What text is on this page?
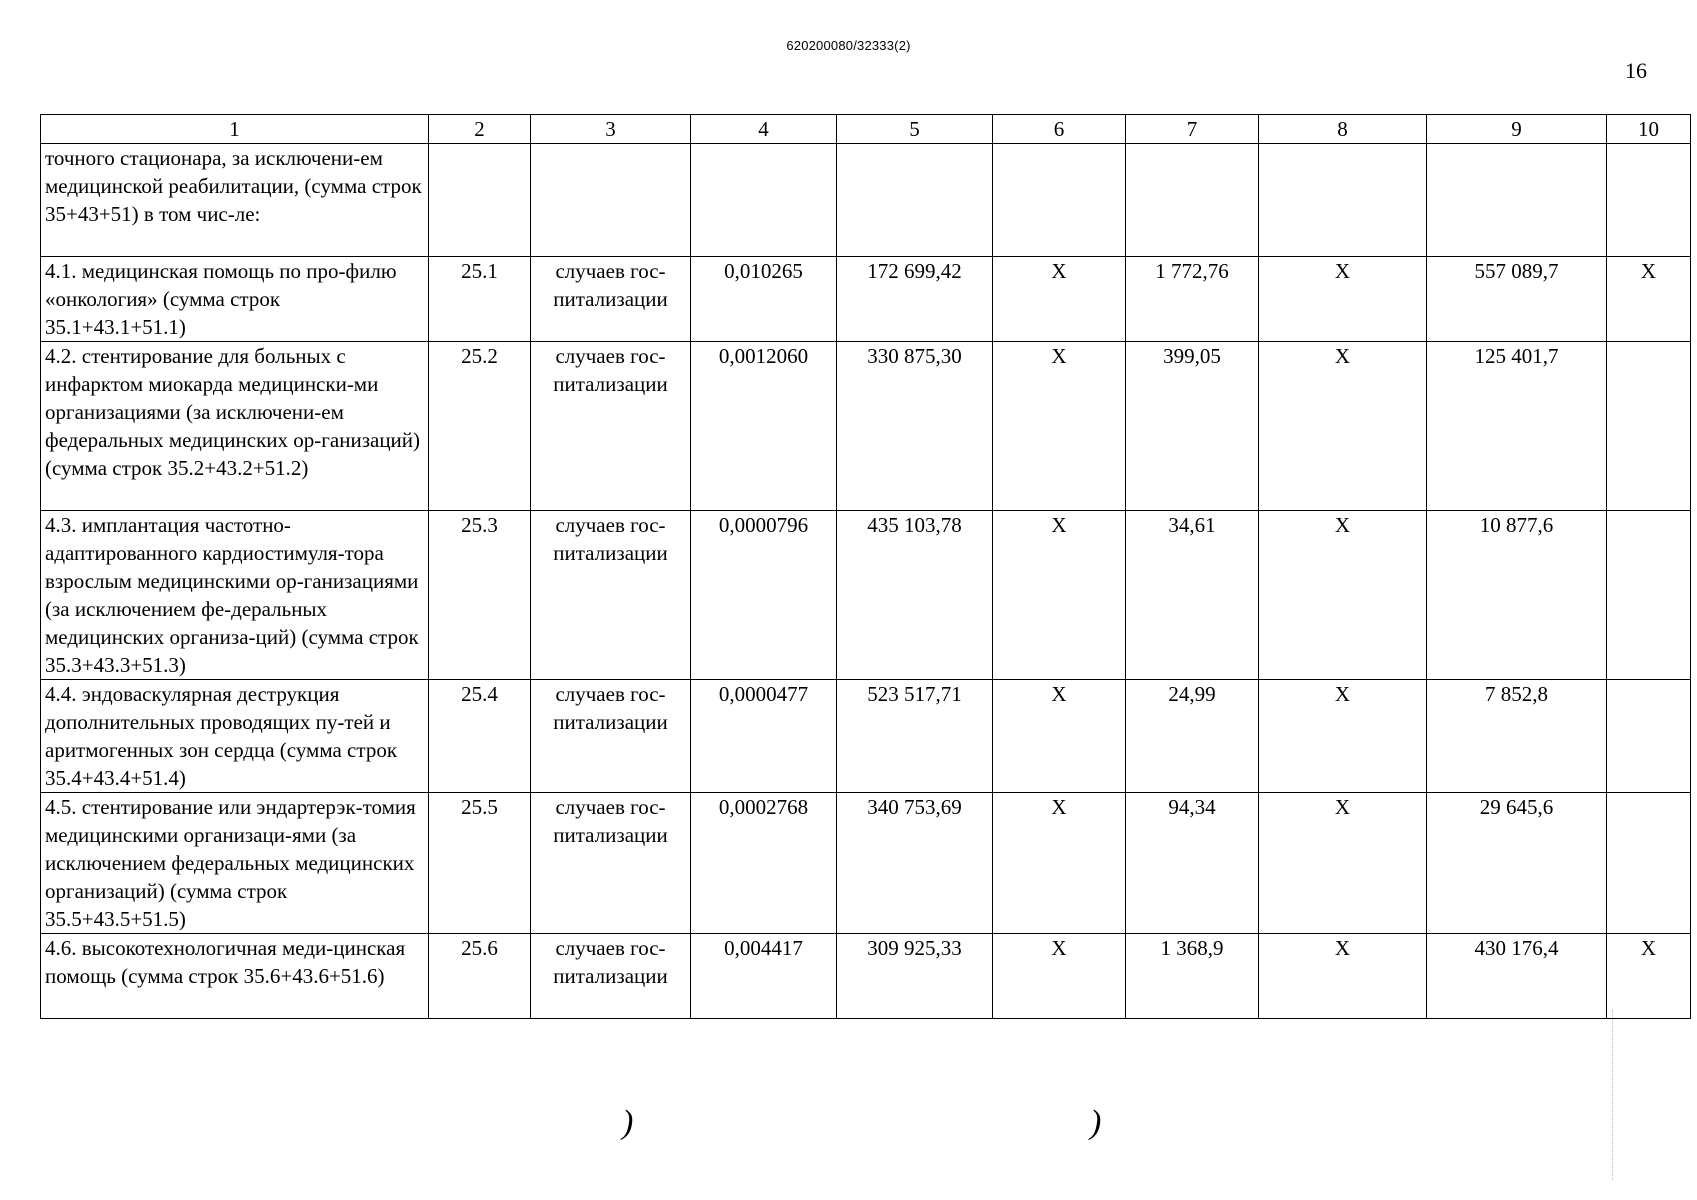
620200080/32333(2)
16
1	2	3	4	5	6	7	8	9	10
точного стационара, за исключени-ем медицинской реабилитации, (сумма строк 35+43+51) в том чис-ле:									
4.1. медицинская помощь по про-филю «онкология» (сумма строк 35.1+43.1+51.1)	25.1	случаев гос-питализации	0,010265	172 699,42	X	1 772,76	X	557 089,7	X
4.2. стентирование для больных с инфарктом миокарда медицински-ми организациями (за исключени-ем федеральных медицинских ор-ганизаций) (сумма строк 35.2+43.2+51.2)	25.2	случаев гос-питализации	0,0012060	330 875,30	X	399,05	X	125 401,7	
4.3. имплантация частотно-адаптированного кардиостимуля-тора взрослым медицинскими ор-ганизациями (за исключением фе-деральных медицинских организа-ций) (сумма строк 35.3+43.3+51.3)	25.3	случаев гос-питализации	0,0000796	435 103,78	X	34,61	X	10 877,6	
4.4. эндоваскулярная деструкция дополнительных проводящих пу-тей и аритмогенных зон сердца (сумма строк 35.4+43.4+51.4)	25.4	случаев гос-питализации	0,0000477	523 517,71	X	24,99	X	7 852,8	
4.5. стентирование или эндартерэк-томия медицинскими организаци-ями (за исключением федеральных медицинских организаций) (сумма строк 35.5+43.5+51.5)	25.5	случаев гос-питализации	0,0002768	340 753,69	X	94,34	X	29 645,6	
4.6. высокотехнологичная меди-цинская помощь (сумма строк 35.6+43.6+51.6)	25.6	случаев гос-питализации	0,004417	309 925,33	X	1 368,9	X	430 176,4	X
)	)
